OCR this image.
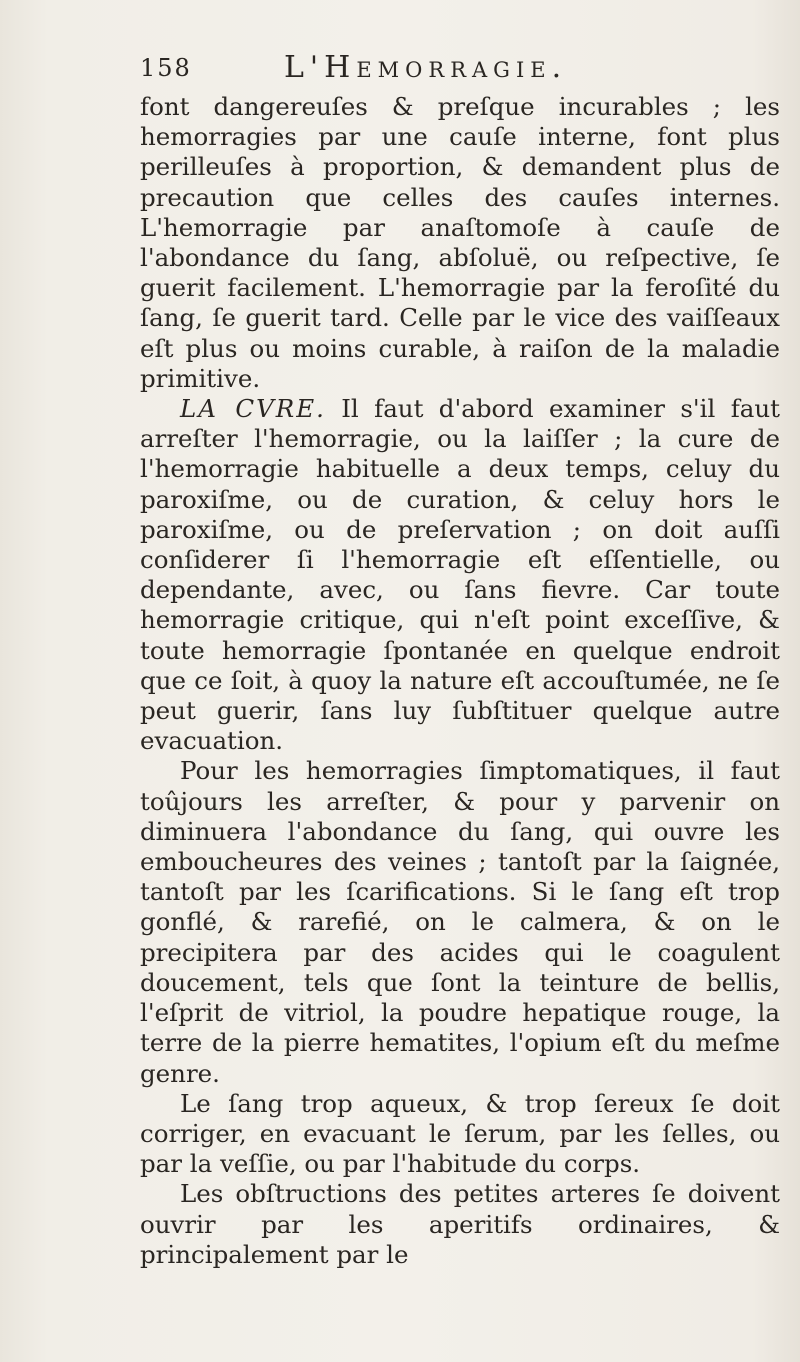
158	L'Hemorragie.

font dangereuſes & preſque incurables ; les hemorragies par une cauſe interne, font plus perilleuſes à proportion, & demandent plus de precaution que celles des cauſes internes. L'hemorragie par anaſtomoſe à cauſe de l'abondance du ſang, abſoluë, ou reſpective, ſe guerit facilement. L'hemorragie par la feroſité du ſang, ſe guerit tard. Celle par le vice des vaiſſeaux eſt plus ou moins curable, à raiſon de la maladie primitive.

LA CVRE. Il faut d'abord examiner s'il faut arreſter l'hemorragie, ou la laiſſer ; la cure de l'hemorragie habituelle a deux temps, celuy du paroxiſme, ou de curation, & celuy hors le paroxiſme, ou de preſervation ; on doit auſſi conſiderer ſi l'hemorragie eſt eſſentielle, ou dependante, avec, ou ſans fievre. Car toute hemorragie critique, qui n'eſt point exceſſive, & toute hemorragie ſpontanée en quelque endroit que ce ſoit, à quoy la nature eſt accouſtumée, ne ſe peut guerir, ſans luy ſubſtituer quelque autre evacuation.

Pour les hemorragies ſimptomatiques, il faut toûjours les arreſter, & pour y parvenir on diminuera l'abondance du ſang, qui ouvre les emboucheures des veines ; tantoſt par la ſaignée, tantoſt par les ſcarifications. Si le ſang eſt trop gonflé, & rarefié, on le calmera, & on le precipitera par des acides qui le coagulent doucement, tels que ſont la teinture de bellis, l'eſprit de vitriol, la poudre hepatique rouge, la terre de la pierre hematites, l'opium eſt du meſme genre.

Le ſang trop aqueux, & trop ſereux ſe doit corriger, en evacuant le ſerum, par les ſelles, ou par la veſſie, ou par l'habitude du corps.

Les obſtructions des petites arteres ſe doivent ouvrir par les aperitifs ordinaires, & principalement par le
